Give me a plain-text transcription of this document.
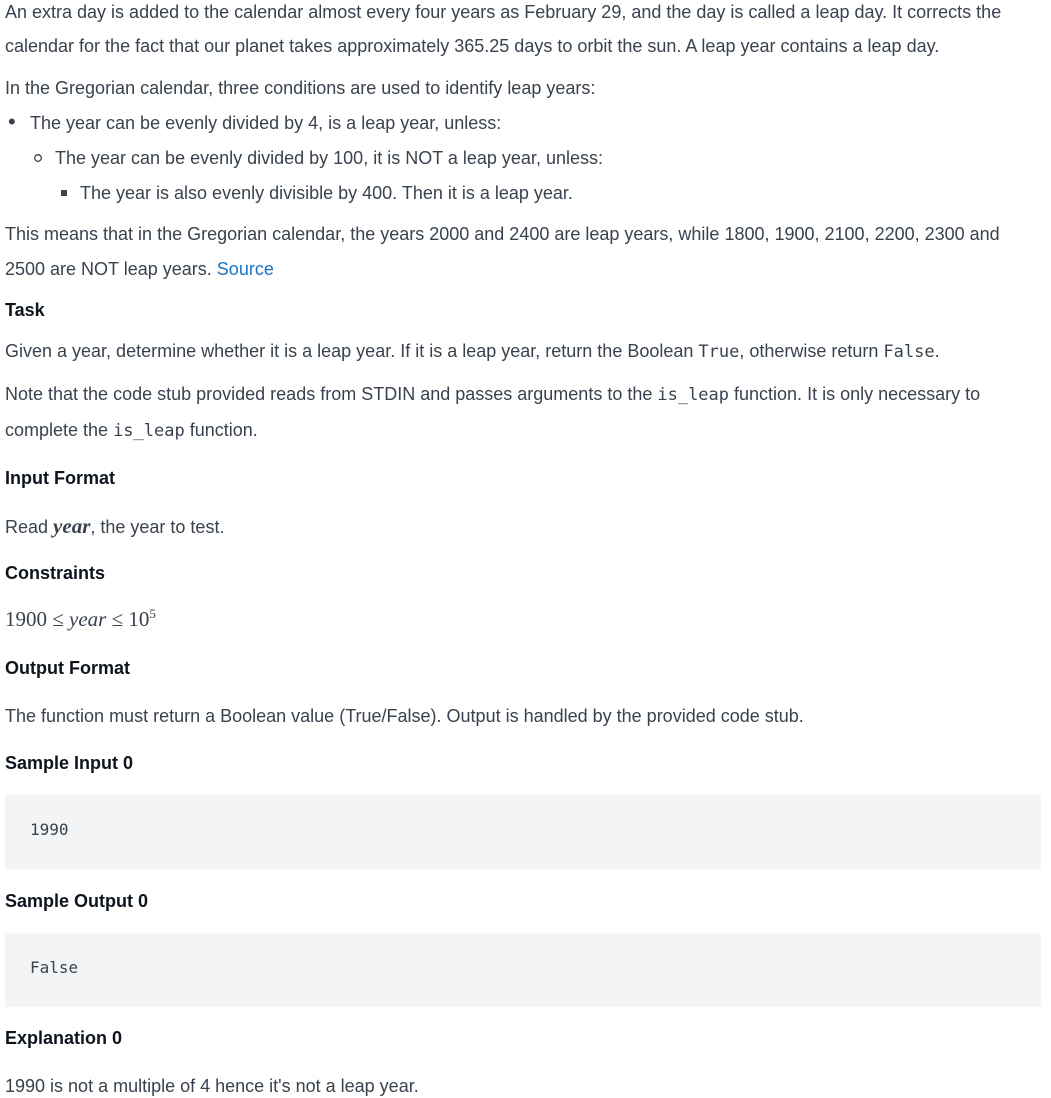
An extra day is added to the calendar almost every four years as February 29, and the day is called a leap day. It corrects the

calendar for the fact that our planet takes approximately 365.25 days to orbit the sun. A leap year contains a leap day.

In the Gregorian calendar, three conditions are used to identify leap years:

• The year can be evenly divided by 4, is a leap year, unless:

The year can be evenly divided by 100, it is NOT a leap year, unless:

The year is also evenly divisible by 400. Then it is a leap year.

This means that in the Gregorian calendar, the years 2000 and 2400 are leap years, while 1800, 1900, 2100, 2200, 2300 and

2500 are NOT leap years. Source

Task

Given a year, determine whether it is a leap year. If it is a leap year, return the Boolean True, otherwise return False.

Note that the code stub provided reads from STDIN and passes arguments to the is_leap function. It is only necessary to

complete the is_leap function.

Input Format

Read year, the year to test.

Constraints

1900 ≤ year ≤ $10^5$

Output Format

The function must return a Boolean value (True/False). Output is handled by the provided code stub.

Sample Input 0

1990

Sample Output 0

False

Explanation 0

1990 is not a multiple of 4 hence it's not a leap year.
